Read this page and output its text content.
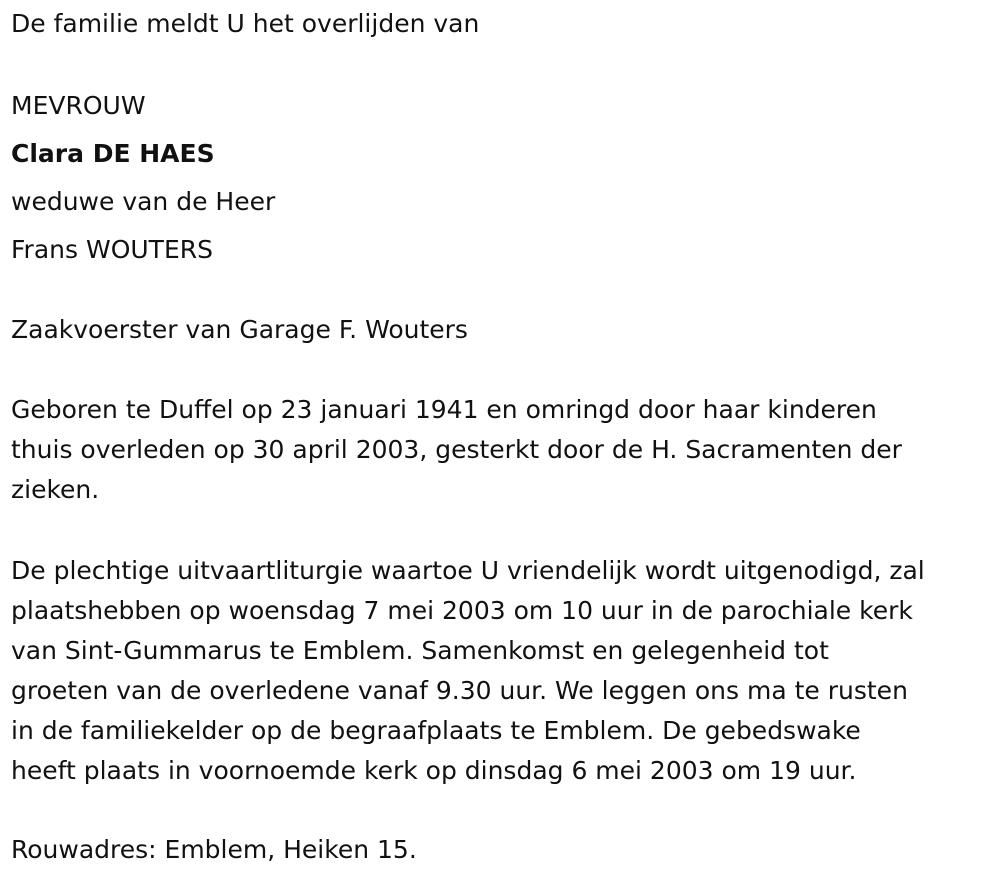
De familie meldt U het overlijden van

MEVROUW

Clara DE HAES

weduwe van de Heer

Frans WOUTERS

Zaakvoerster van Garage F. Wouters

Geboren te Duffel op 23 januari 1941 en omringd door haar kinderen
thuis overleden op 30 april 2003, gesterkt door de H. Sacramenten der
zieken.
De plechtige uitvaartliturgie waartoe U vriendelijk wordt uitgenodigd, zal
plaatshebben op woensdag 7 mei 2003 om 10 uur in de parochiale kerk
van Sint-Gummarus te Emblem. Samenkomst en gelegenheid tot
groeten van de overledene vanaf 9.30 uur. We leggen ons ma te rusten
in de familiekelder op de begraafplaats te Emblem. De gebedswake
heeft plaats in voornoemde kerk op dinsdag 6 mei 2003 om 19 uur.

Rouwadres: Emblem, Heiken 15.
